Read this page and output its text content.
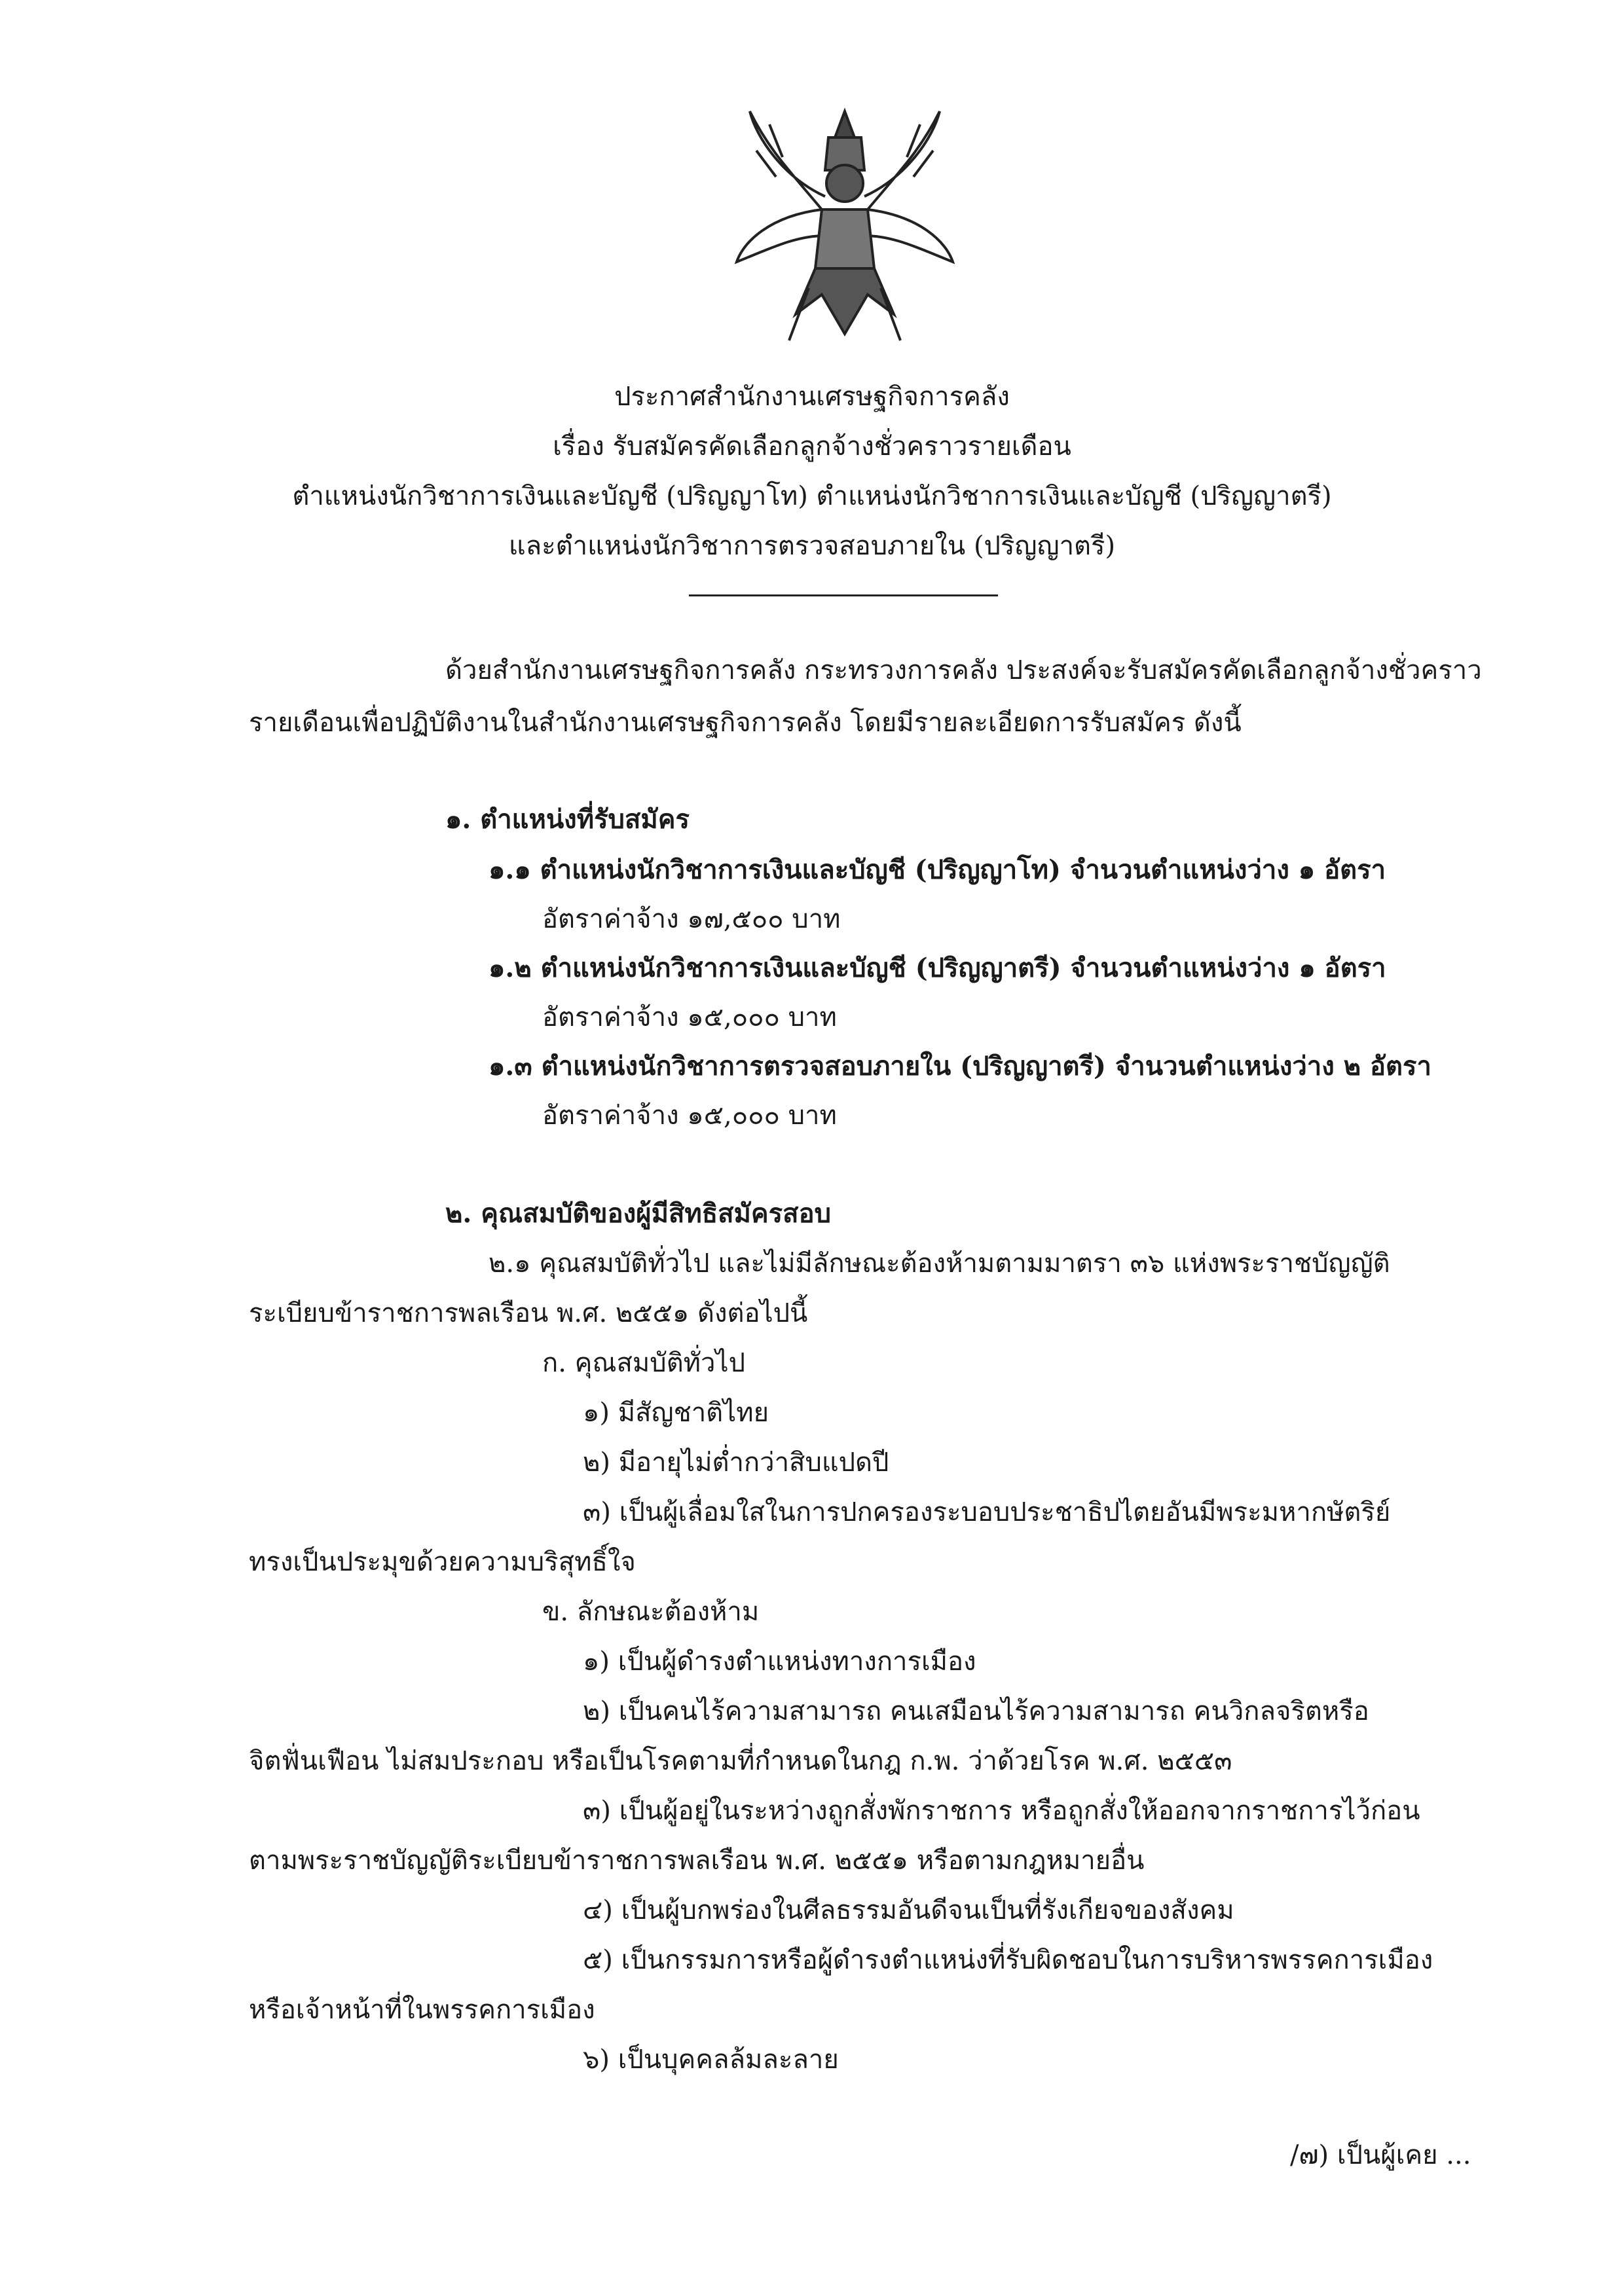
ประกาศสำนักงานเศรษฐกิจการคลัง
เรื่อง รับสมัครคัดเลือกลูกจ้างชั่วคราวรายเดือน
ตำแหน่งนักวิชาการเงินและบัญชี (ปริญญาโท) ตำแหน่งนักวิชาการเงินและบัญชี (ปริญญาตรี)
และตำแหน่งนักวิชาการตรวจสอบภายใน (ปริญญาตรี)
ด้วยสำนักงานเศรษฐกิจการคลัง กระทรวงการคลัง ประสงค์จะรับสมัครคัดเลือกลูกจ้างชั่วคราว
รายเดือนเพื่อปฏิบัติงานในสำนักงานเศรษฐกิจการคลัง โดยมีรายละเอียดการรับสมัคร ดังนี้
๑. ตำแหน่งที่รับสมัคร
๑.๑ ตำแหน่งนักวิชาการเงินและบัญชี (ปริญญาโท) จำนวนตำแหน่งว่าง ๑ อัตรา
อัตราค่าจ้าง ๑๗,๕๐๐ บาท
๑.๒ ตำแหน่งนักวิชาการเงินและบัญชี (ปริญญาตรี) จำนวนตำแหน่งว่าง ๑ อัตรา
อัตราค่าจ้าง ๑๕,๐๐๐ บาท
๑.๓ ตำแหน่งนักวิชาการตรวจสอบภายใน (ปริญญาตรี) จำนวนตำแหน่งว่าง ๒ อัตรา
อัตราค่าจ้าง ๑๕,๐๐๐ บาท
๒. คุณสมบัติของผู้มีสิทธิสมัครสอบ
๒.๑ คุณสมบัติทั่วไป และไม่มีลักษณะต้องห้ามตามมาตรา ๓๖ แห่งพระราชบัญญัติ
ระเบียบข้าราชการพลเรือน พ.ศ. ๒๕๕๑ ดังต่อไปนี้
ก. คุณสมบัติทั่วไป
๑) มีสัญชาติไทย
๒) มีอายุไม่ต่ำกว่าสิบแปดปี
๓) เป็นผู้เลื่อมใสในการปกครองระบอบประชาธิปไตยอันมีพระมหากษัตริย์
ทรงเป็นประมุขด้วยความบริสุทธิ์ใจ
ข. ลักษณะต้องห้าม
๑) เป็นผู้ดำรงตำแหน่งทางการเมือง
๒) เป็นคนไร้ความสามารถ คนเสมือนไร้ความสามารถ คนวิกลจริตหรือ
จิตฟั่นเฟือน ไม่สมประกอบ หรือเป็นโรคตามที่กำหนดในกฎ ก.พ. ว่าด้วยโรค พ.ศ. ๒๕๕๓
๓) เป็นผู้อยู่ในระหว่างถูกสั่งพักราชการ หรือถูกสั่งให้ออกจากราชการไว้ก่อน
ตามพระราชบัญญัติระเบียบข้าราชการพลเรือน พ.ศ. ๒๕๕๑ หรือตามกฎหมายอื่น
๔) เป็นผู้บกพร่องในศีลธรรมอันดีจนเป็นที่รังเกียจของสังคม
๕) เป็นกรรมการหรือผู้ดำรงตำแหน่งที่รับผิดชอบในการบริหารพรรคการเมือง
หรือเจ้าหน้าที่ในพรรคการเมือง
๖) เป็นบุคคลล้มละลาย
/๗) เป็นผู้เคย ...
